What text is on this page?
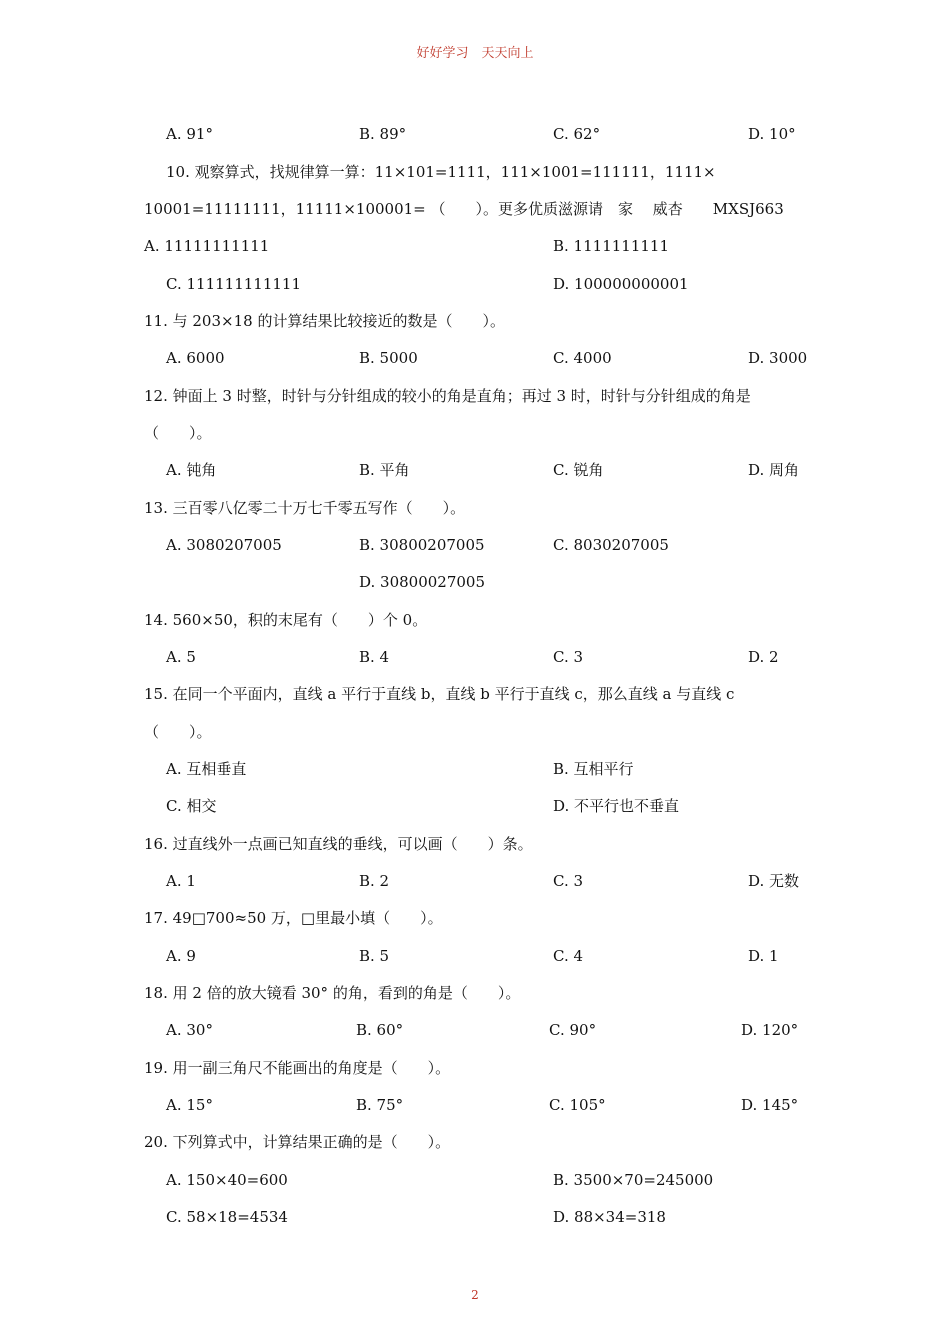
好好学习　天天向上
A. 91°	B. 89°	C. 62°	D. 10°
10. 观察算式，找规律算一算：11×101=1111，111×1001=111111，1111×
10001=11111111，11111×100001= （　　）。更多优质滋源请　家　 威杏　　MXSJ663
A. 11111111111	B. 1111111111
C. 111111111111	D. 100000000001
11. 与 203×18 的计算结果比较接近的数是（　　）。
A. 6000	B. 5000	C. 4000	D. 3000
12. 钟面上 3 时整，时针与分针组成的较小的角是直角；再过 3 时，时针与分针组成的角是
（　　）。
A. 钝角	B. 平角	C. 锐角	D. 周角
13. 三百零八亿零二十万七千零五写作（　　）。
A. 3080207005	B. 30800207005	C. 8030207005
D. 30800027005
14. 560×50，积的末尾有（　　）个 0。
A. 5	B. 4	C. 3	D. 2
15. 在同一个平面内，直线 a 平行于直线 b，直线 b 平行于直线 c，那么直线 a 与直线 c
（　　）。
A. 互相垂直	B. 互相平行
C. 相交	D. 不平行也不垂直
16. 过直线外一点画已知直线的垂线，可以画（　　）条。
A. 1	B. 2	C. 3	D. 无数
17. 49□700≈50 万，□里最小填（　　）。
A. 9	B. 5	C. 4	D. 1
18. 用 2 倍的放大镜看 30° 的角，看到的角是（　　）。
A. 30°	B. 60°	C. 90°	D. 120°
19. 用一副三角尺不能画出的角度是（　　）。
A. 15°	B. 75°	C. 105°	D. 145°
20. 下列算式中，计算结果正确的是（　　）。
A. 150×40=600	B. 3500×70=245000
C. 58×18=4534	D. 88×34=318
2
